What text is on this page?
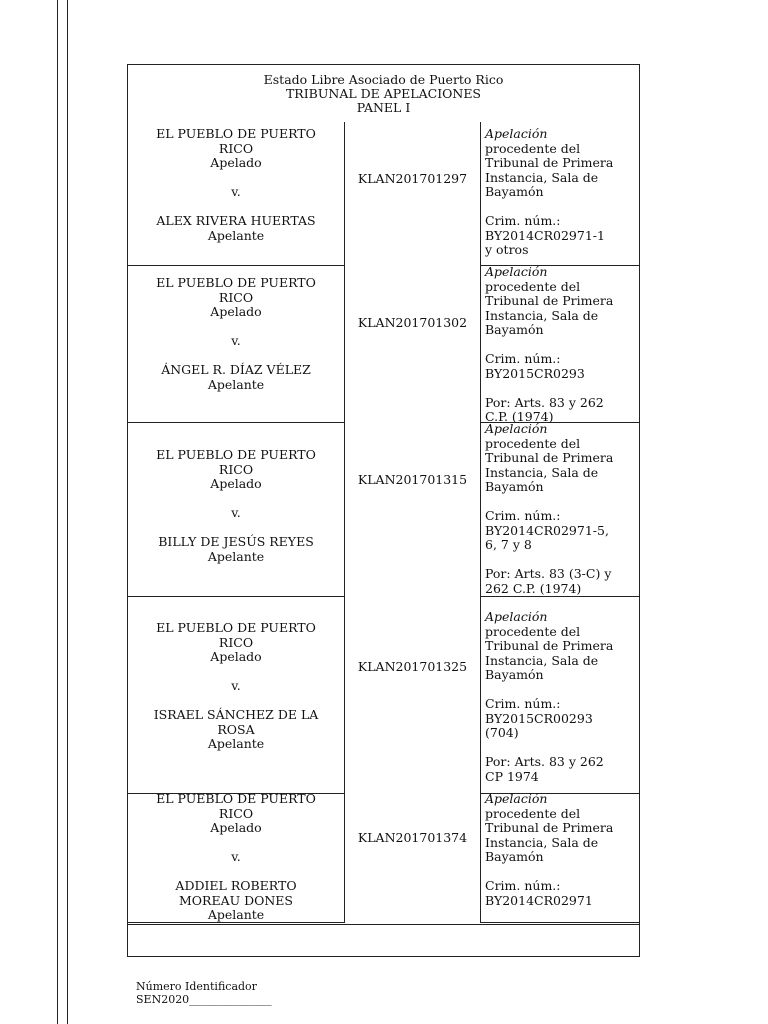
Estado Libre Asociado de Puerto Rico
TRIBUNAL DE APELACIONES
PANEL I
EL PUEBLO DE PUERTO
RICO
Apelado
v.
ALEX RIVERA HUERTAS
Apelante
KLAN201701297
Apelación
procedente del
Tribunal de Primera
Instancia, Sala de
Bayamón
Crim. núm.:
BY2014CR02971-1
y otros
EL PUEBLO DE PUERTO
RICO
Apelado
v.
ÁNGEL R. DÍAZ VÉLEZ
Apelante
KLAN201701302
Apelación
procedente del
Tribunal de Primera
Instancia, Sala de
Bayamón
Crim. núm.:
BY2015CR0293
Por: Arts. 83 y 262
C.P. (1974)
EL PUEBLO DE PUERTO
RICO
Apelado
v.
BILLY DE JESÚS REYES
Apelante
KLAN201701315
Apelación
procedente del
Tribunal de Primera
Instancia, Sala de
Bayamón
Crim. núm.:
BY2014CR02971-5,
6, 7 y 8
Por: Arts. 83 (3-C) y
262 C.P. (1974)
EL PUEBLO DE PUERTO
RICO
Apelado
v.
ISRAEL SÁNCHEZ DE LA
ROSA
Apelante
KLAN201701325
Apelación
procedente del
Tribunal de Primera
Instancia, Sala de
Bayamón
Crim. núm.:
BY2015CR00293
(704)
Por: Arts. 83 y 262
CP 1974
EL PUEBLO DE PUERTO
RICO
Apelado
v.
ADDIEL ROBERTO
MOREAU DONES
Apelante
KLAN201701374
Apelación
procedente del
Tribunal de Primera
Instancia, Sala de
Bayamón
Crim. núm.:
BY2014CR02971
Número Identificador
SEN2020_______________
